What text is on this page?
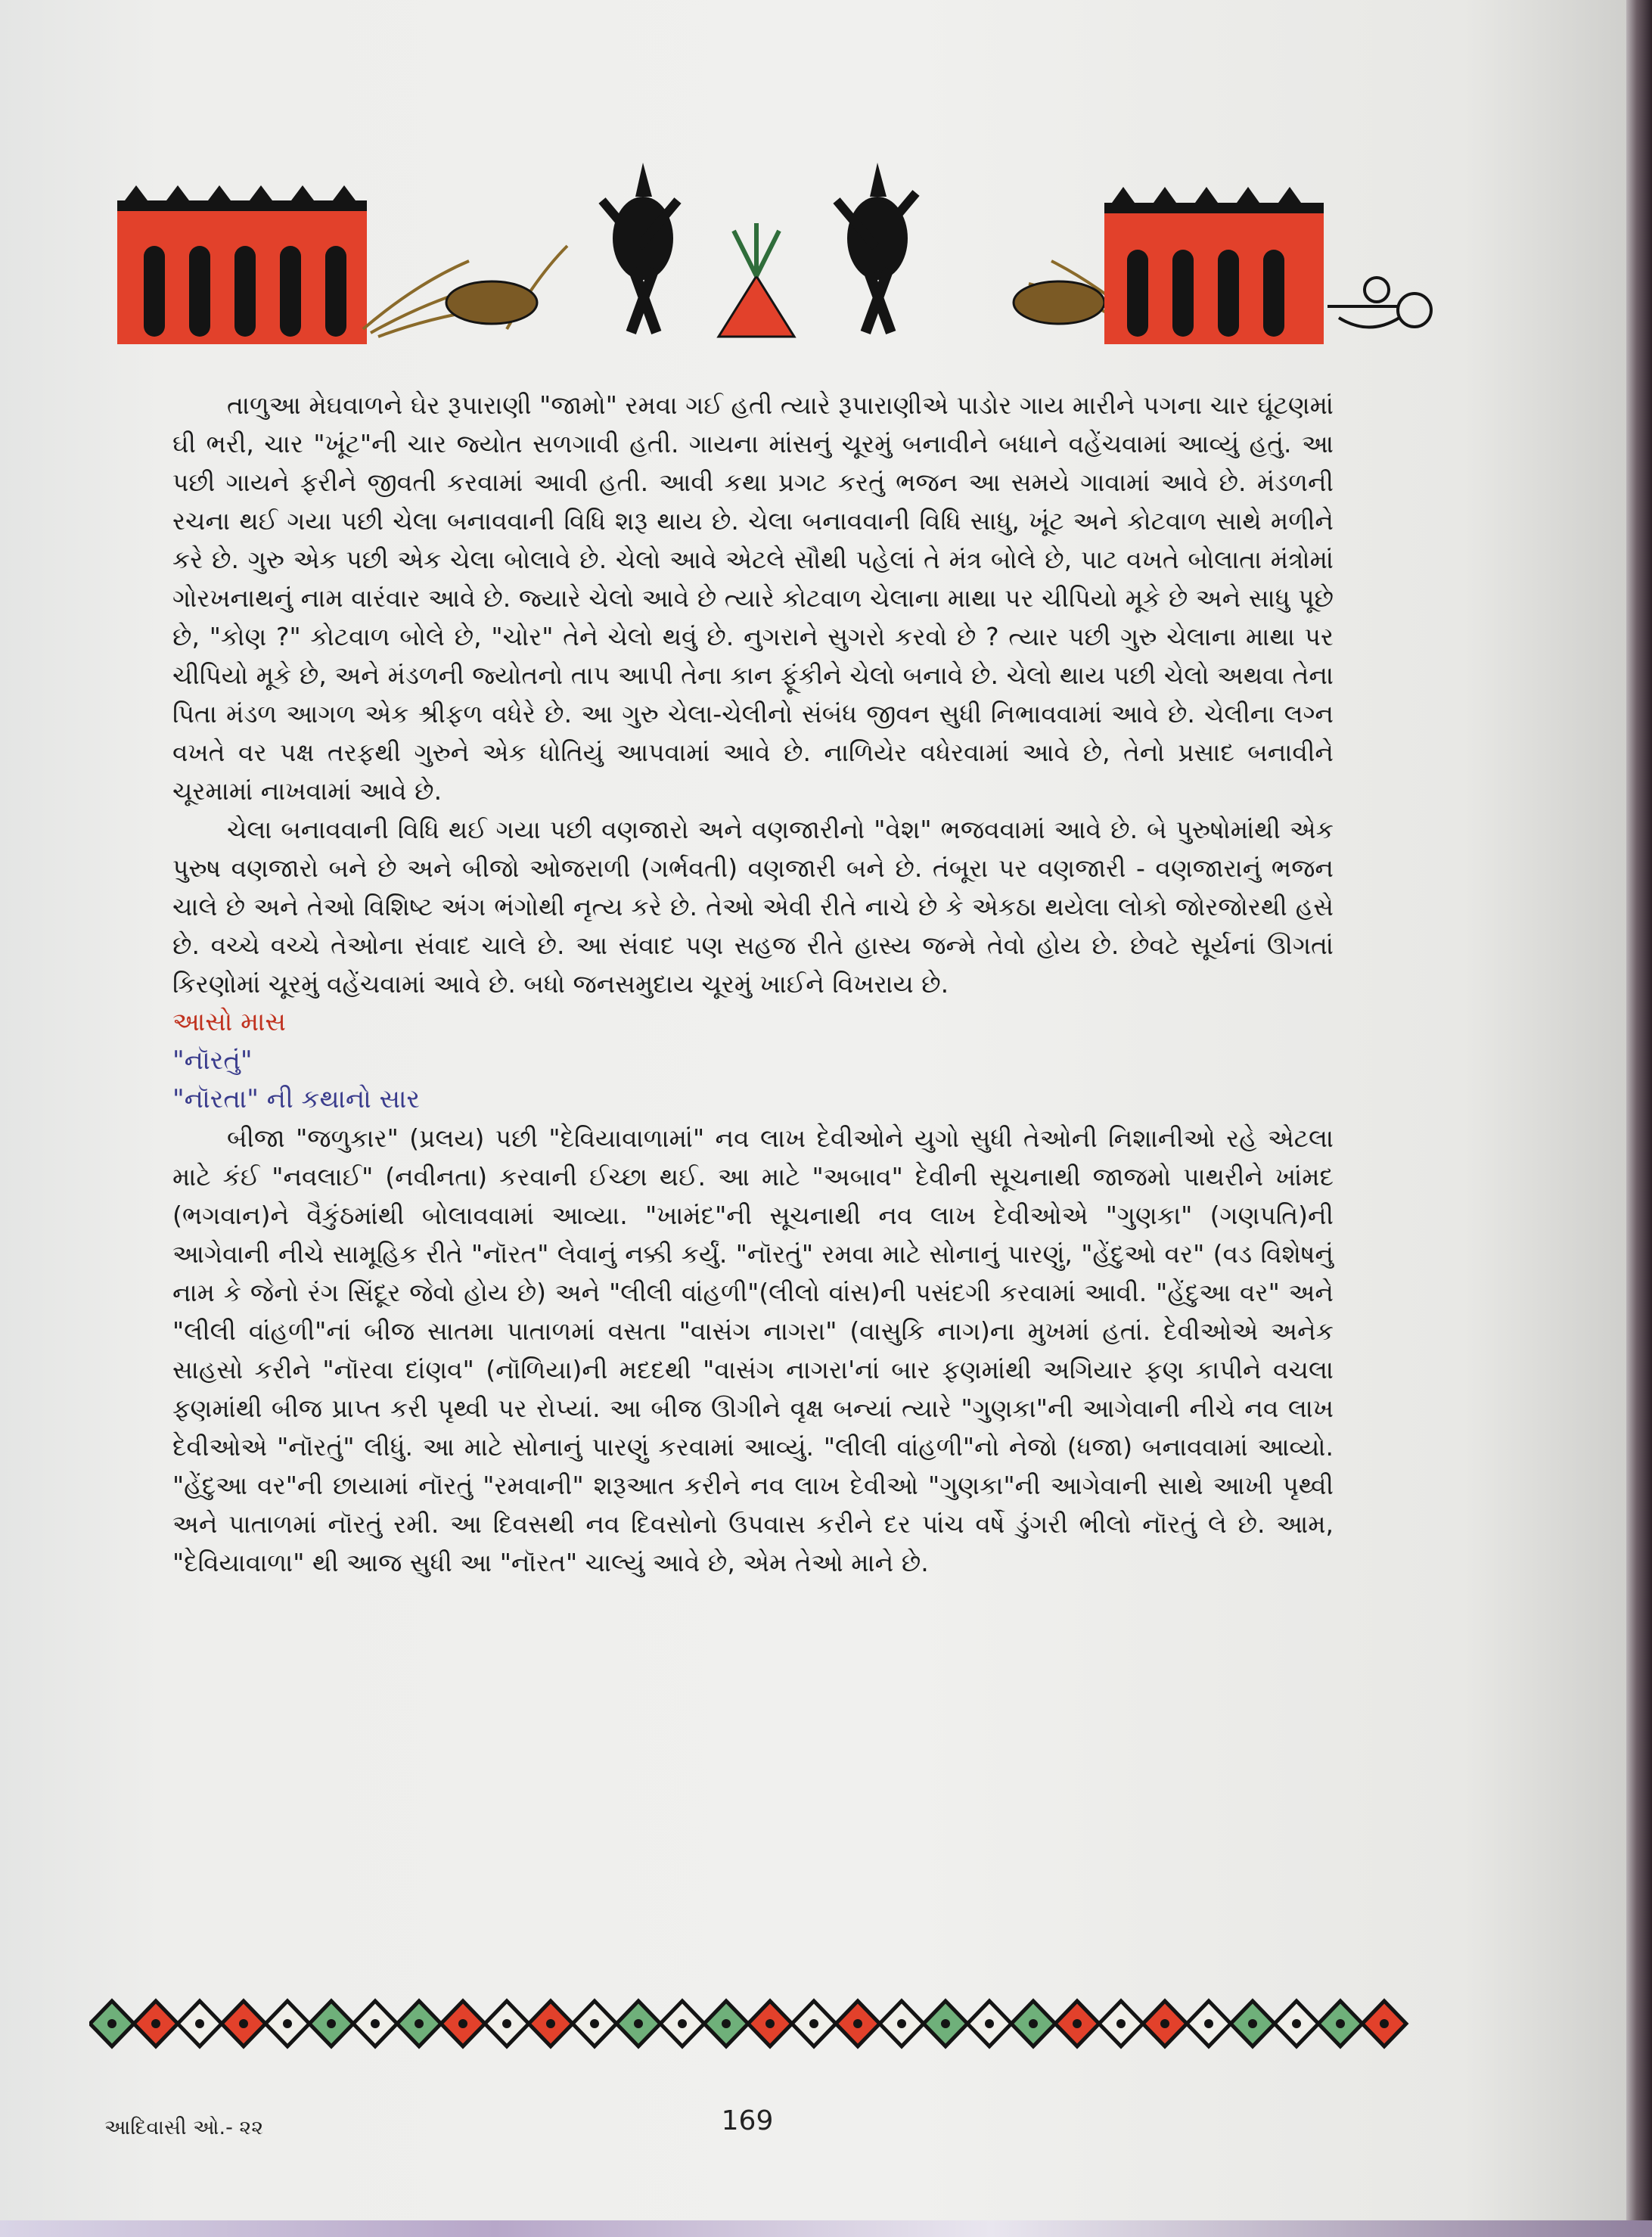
તાળુઆ મેઘવાળને ઘેર રૂપારાણી "જામો" રમવા ગઈ હતી ત્યારે રૂપારાણીએ પાડોર ગાય મારીને પગના ચાર ઘૂંટણમાં ઘી ભરી, ચાર "ખૂંટ"ની ચાર જ્યોત સળગાવી હતી. ગાયના માંસનું ચૂરમું બનાવીને બધાને વહેંચવામાં આવ્યું હતું. આ પછી ગાયને ફરીને જીવતી કરવામાં આવી હતી. આવી કથા પ્રગટ કરતું ભજન આ સમયે ગાવામાં આવે છે. મંડળની રચના થઈ ગયા પછી ચેલા બનાવવાની વિધિ શરૂ થાય છે. ચેલા બનાવવાની વિધિ સાધુ, ખૂંટ અને કોટવાળ સાથે મળીને કરે છે. ગુરુ એક પછી એક ચેલા બોલાવે છે. ચેલો આવે એટલે સૌથી પહેલાં તે મંત્ર બોલે છે, પાટ વખતે બોલાતા મંત્રોમાં ગોરખનાથનું નામ વારંવાર આવે છે. જ્યારે ચેલો આવે છે ત્યારે કોટવાળ ચેલાના માથા પર ચીપિયો મૂકે છે અને સાધુ પૂછે છે, "કોણ ?" કોટવાળ બોલે છે, "ચોર" તેને ચેલો થવું છે. નુગરાને સુગરો કરવો છે ? ત્યાર પછી ગુરુ ચેલાના માથા પર ચીપિયો મૂકે છે, અને મંડળની જ્યોતનો તાપ આપી તેના કાન ફૂંકીને ચેલો બનાવે છે. ચેલો થાય પછી ચેલો અથવા તેના પિતા મંડળ આગળ એક શ્રીફળ વધેરે છે. આ ગુરુ ચેલા-ચેલીનો સંબંધ જીવન સુધી નિભાવવામાં આવે છે. ચેલીના લગ્ન વખતે વર પક્ષ તરફથી ગુરુને એક ધોતિયું આપવામાં આવે છે. નાળિયેર વધેરવામાં આવે છે, તેનો પ્રસાદ બનાવીને ચૂરમામાં નાખવામાં આવે છે.

ચેલા બનાવવાની વિધિ થઈ ગયા પછી વણજારો અને વણજારીનો "વેશ" ભજવવામાં આવે છે. બે પુરુષોમાંથી એક પુરુષ વણજારો બને છે અને બીજો ઓજરાળી (ગર્ભવતી) વણજારી બને છે. તંબૂરા પર વણજારી - વણજારાનું ભજન ચાલે છે અને તેઓ વિશિષ્ટ અંગ ભંગોથી નૃત્ય કરે છે. તેઓ એવી રીતે નાચે છે કે એકઠા થયેલા લોકો જોરજોરથી હસે છે. વચ્ચે વચ્ચે તેઓના સંવાદ ચાલે છે. આ સંવાદ પણ સહજ રીતે હાસ્ય જન્મે તેવો હોય છે. છેવટે સૂર્યનાં ઊગતાં કિરણોમાં ચૂરમું વહેંચવામાં આવે છે. બધો જનસમુદાય ચૂરમું ખાઈને વિખરાય છે.

આસો માસ
"નૉરતું"
"નૉરતા" ની કથાનો સાર

બીજા "જળુકાર" (પ્રલય) પછી "દેવિયાવાળામાં" નવ લાખ દેવીઓને યુગો સુધી તેઓની નિશાનીઓ રહે એટલા માટે કંઈ "નવલાઈ" (નવીનતા) કરવાની ઈચ્છા થઈ. આ માટે "અબાવ" દેવીની સૂચનાથી જાજમો પાથરીને ખાંમદ (ભગવાન)ને વૈકુંઠમાંથી બોલાવવામાં આવ્યા. "ખામંદ"ની સૂચનાથી નવ લાખ દેવીઓએ "ગુણકા" (ગણપતિ)ની આગેવાની નીચે સામૂહિક રીતે "નૉરત" લેવાનું નક્કી કર્યું. "નૉરતું" રમવા માટે સોનાનું પારણું, "હેંદુઓ વર" (વડ વિશેષનું નામ કે જેનો રંગ સિંદૂર જેવો હોય છે) અને "લીલી વાંહળી"(લીલો વાંસ)ની પસંદગી કરવામાં આવી. "હેંદુઆ વર" અને "લીલી વાંહળી"નાં બીજ સાતમા પાતાળમાં વસતા "વાસંગ નાગરા" (વાસુકિ નાગ)ના મુખમાં હતાં. દેવીઓએ અનેક સાહસો કરીને "નૉરવા દાંણવ" (નૉળિયા)ની મદદથી "વાસંગ નાગરા'નાં બાર ફણમાંથી અગિયાર ફણ કાપીને વચલા ફણમાંથી બીજ પ્રાપ્ત કરી પૃથ્વી પર રોપ્યાં. આ બીજ ઊગીને વૃક્ષ બન્યાં ત્યારે "ગુણકા"ની આગેવાની નીચે નવ લાખ દેવીઓએ "નૉરતું" લીધું. આ માટે સોનાનું પારણું કરવામાં આવ્યું. "લીલી વાંહળી"નો નેજો (ધજા) બનાવવામાં આવ્યો. "હેંદુઆ વર"ની છાયામાં નૉરતું "રમવાની" શરૂઆત કરીને નવ લાખ દેવીઓ "ગુણકા"ની આગેવાની સાથે આખી પૃથ્વી અને પાતાળમાં નૉરતું રમી. આ દિવસથી નવ દિવસોનો ઉપવાસ કરીને દર પાંચ વર્ષે ડુંગરી ભીલો નૉરતું લે છે. આમ, "દેવિયાવાળા" થી આજ સુધી આ "નૉરત" ચાલ્યું આવે છે, એમ તેઓ માને છે.

169
આદિવાસી ઓ.- ૨૨
